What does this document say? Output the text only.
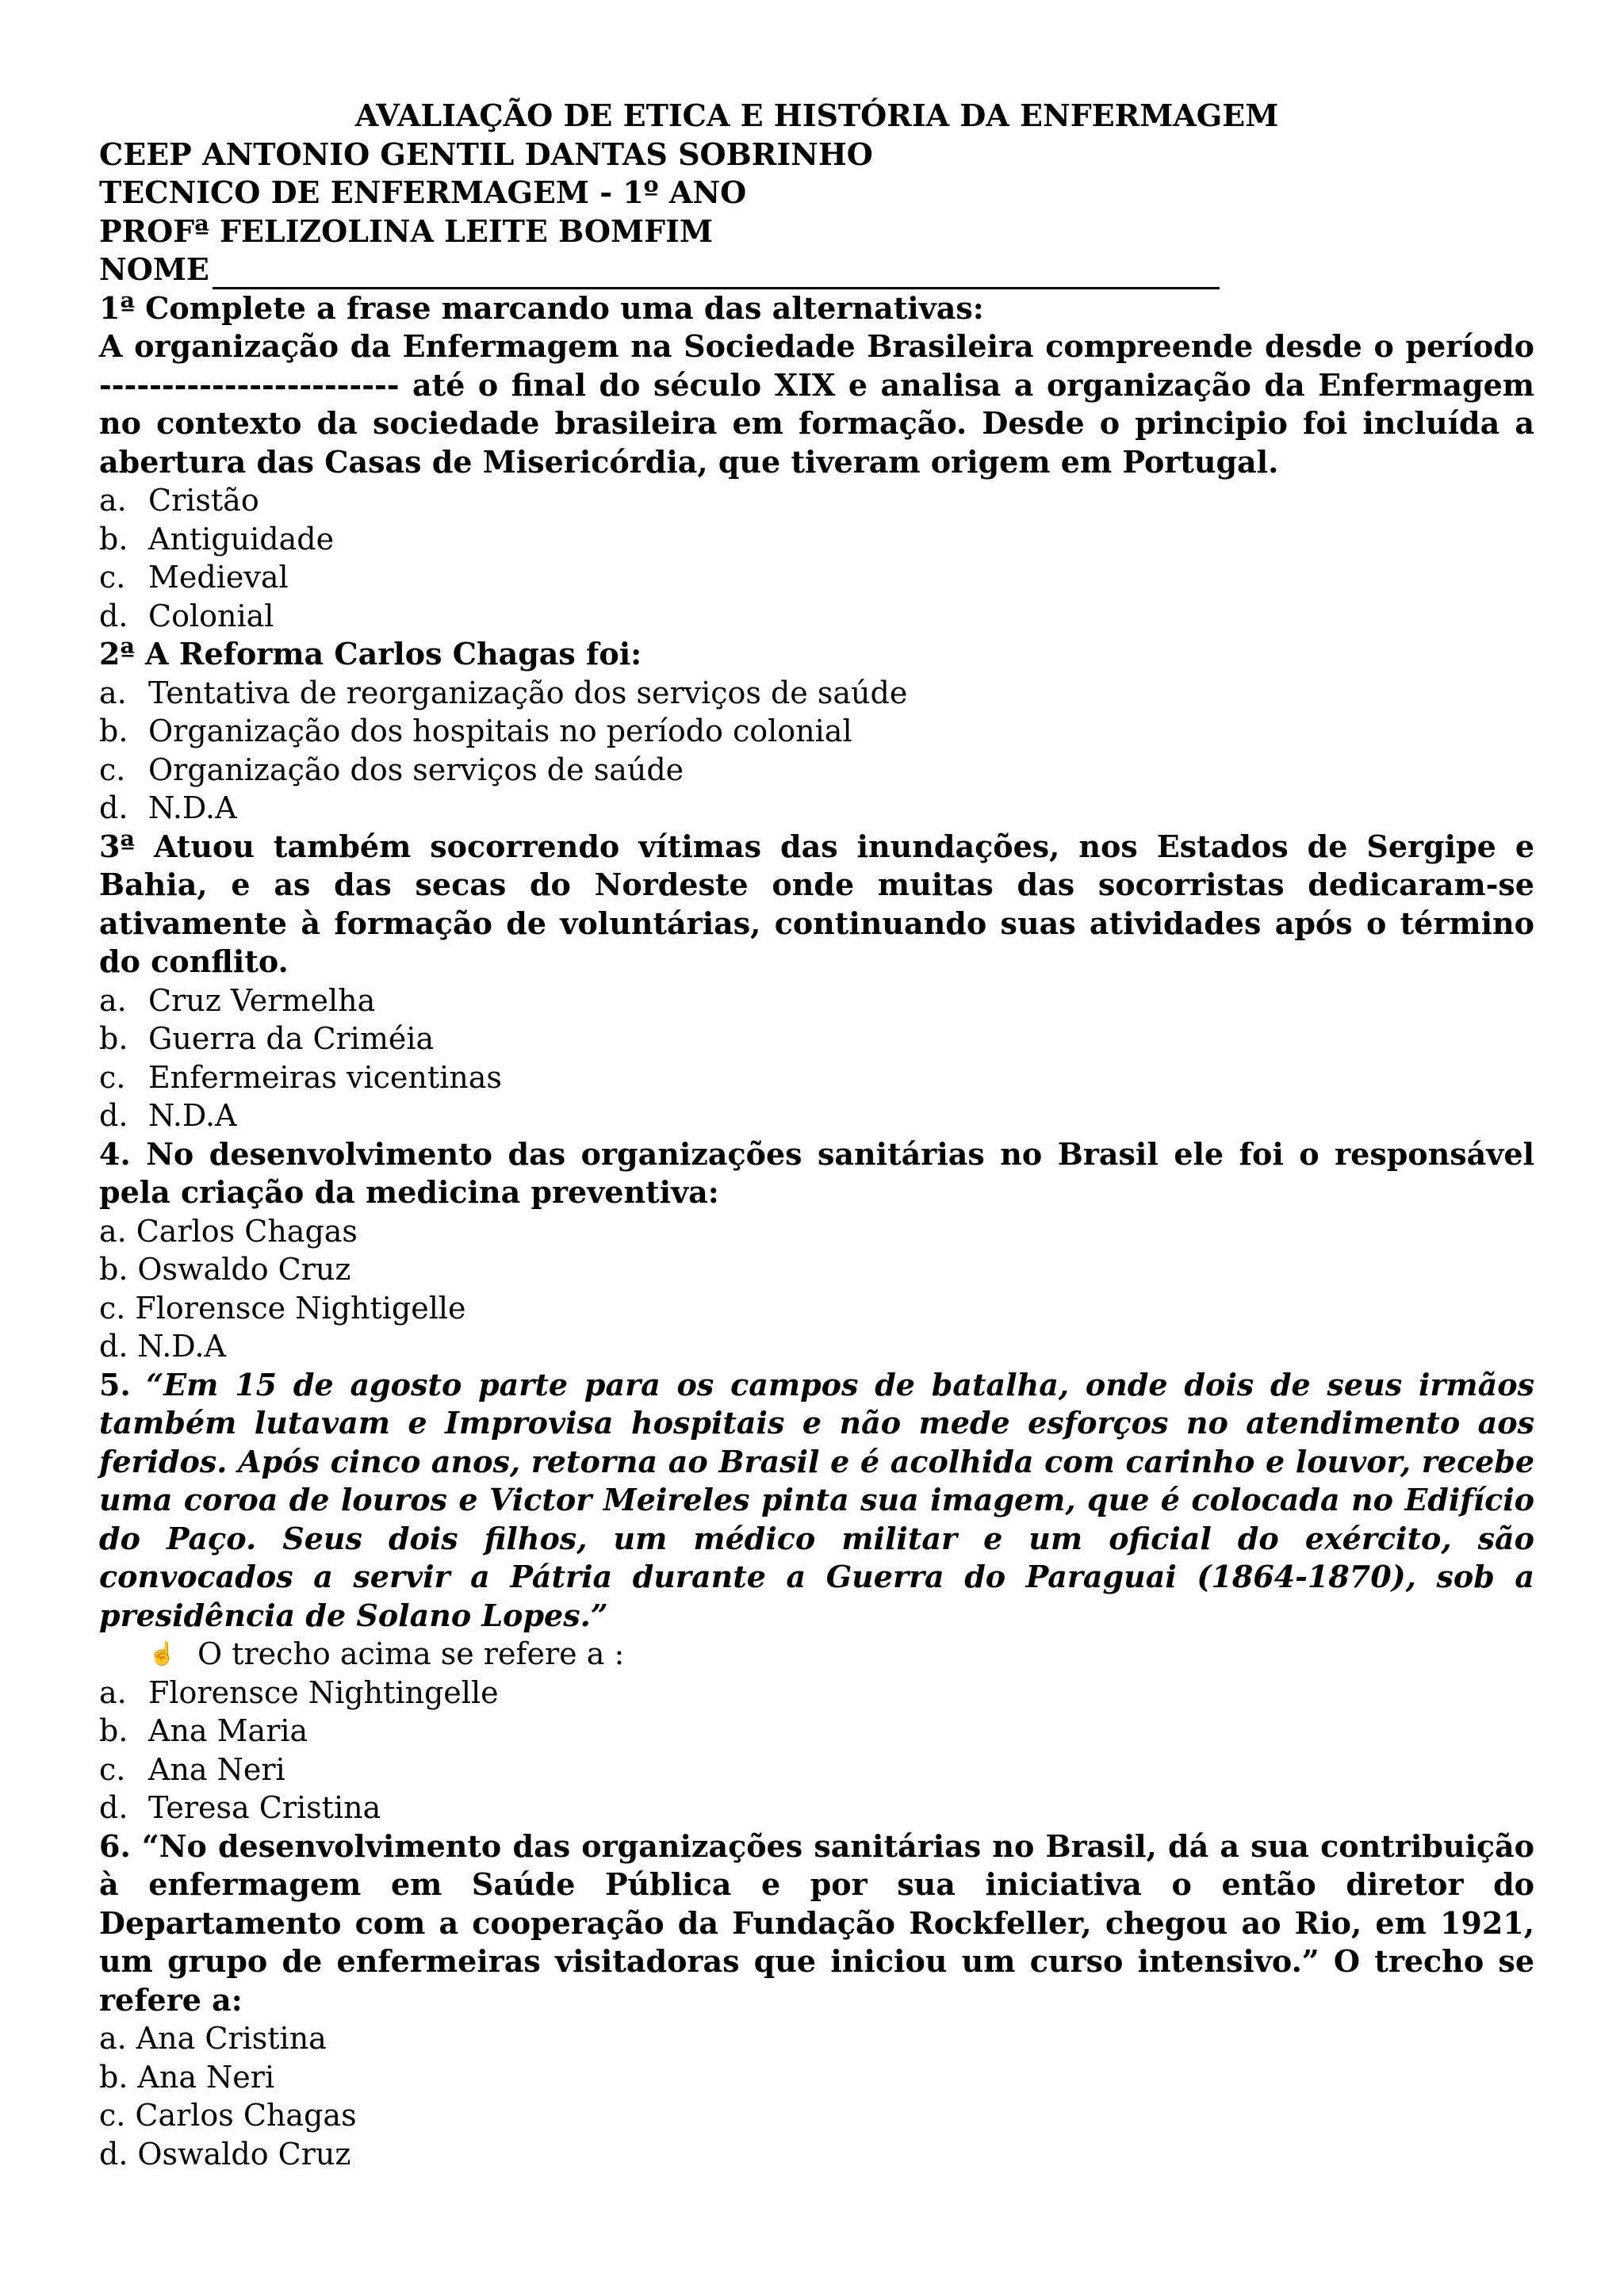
AVALIAÇÃO DE ETICA E HISTÓRIA DA ENFERMAGEM

CEEP ANTONIO GENTIL DANTAS SOBRINHO

TECNICO DE ENFERMAGEM - 1º ANO

PROFª FELIZOLINA LEITE BOMFIM

NOME

1ª Complete a frase marcando uma das alternativas:

A organização da Enfermagem na Sociedade Brasileira compreende desde o período ------------------------ até o final do século XIX e analisa a organização da Enfermagem no contexto da sociedade brasileira em formação. Desde o principio foi incluída a abertura das Casas de Misericórdia, que tiveram origem em Portugal.

a. Cristão
b. Antiguidade
c. Medieval
d. Colonial

2ª A Reforma Carlos Chagas foi:

a. Tentativa de reorganização dos serviços de saúde
b. Organização dos hospitais no período colonial
c. Organização dos serviços de saúde
d. N.D.A

3ª Atuou também socorrendo vítimas das inundações, nos Estados de Sergipe e Bahia, e as das secas do Nordeste onde muitas das socorristas dedicaram-se ativamente à formação de voluntárias, continuando suas atividades após o término do conflito.

a. Cruz Vermelha
b. Guerra da Criméia
c. Enfermeiras vicentinas
d. N.D.A

4. No desenvolvimento das organizações sanitárias no Brasil ele foi o responsável pela criação da medicina preventiva:

a. Carlos Chagas
b. Oswaldo Cruz
c. Florensce Nightigelle
d. N.D.A

5. “Em 15 de agosto parte para os campos de batalha, onde dois de seus irmãos também lutavam e Improvisa hospitais e não mede esforços no atendimento aos feridos. Após cinco anos, retorna ao Brasil e é acolhida com carinho e louvor, recebe uma coroa de louros e Victor Meireles pinta sua imagem, que é colocada no Edifício do Paço. Seus dois filhos, um médico militar e um oficial do exército, são convocados a servir a Pátria durante a Guerra do Paraguai (1864-1870), sob a presidência de Solano Lopes.”

☝ O trecho acima se refere a :
a. Florensce Nightingelle
b. Ana Maria
c. Ana Neri
d. Teresa Cristina

6. “No desenvolvimento das organizações sanitárias no Brasil, dá a sua contribuição à enfermagem em Saúde Pública e por sua iniciativa o então diretor do Departamento com a cooperação da Fundação Rockfeller, chegou ao Rio, em 1921, um grupo de enfermeiras visitadoras que iniciou um curso intensivo.” O trecho se refere a:

a. Ana Cristina
b. Ana Neri
c. Carlos Chagas
d. Oswaldo Cruz
